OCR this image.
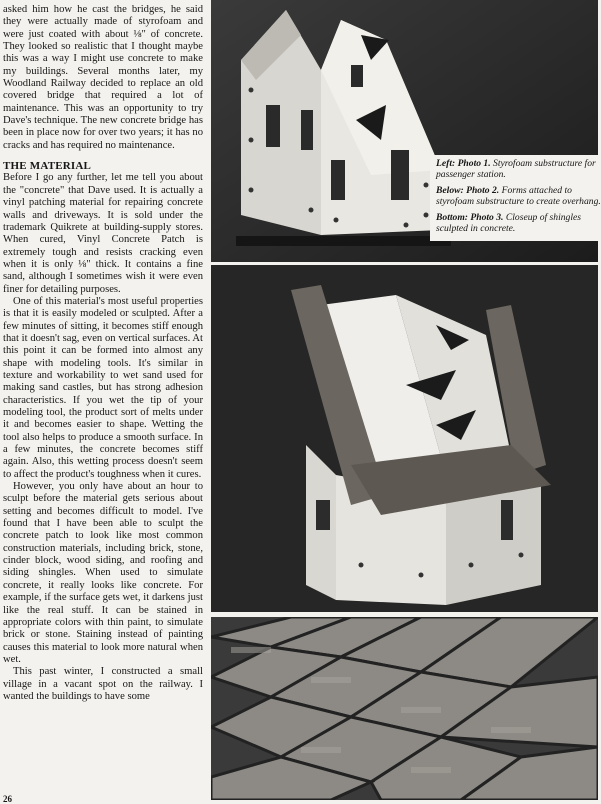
asked him how he cast the bridges, he said they were actually made of styrofoam and were just coated with about ⅛" of concrete. They looked so realistic that I thought maybe this was a way I might use concrete to make my buildings. Several months later, my Woodland Railway decided to replace an old covered bridge that required a lot of maintenance. This was an opportunity to try Dave's technique. The new concrete bridge has been in place now for over two years; it has no cracks and has required no maintenance.

THE MATERIAL

Before I go any further, let me tell you about the "concrete" that Dave used. It is actually a vinyl patching material for repairing concrete walls and driveways. It is sold under the trademark Quikrete at building-supply stores. When cured, Vinyl Concrete Patch is extremely tough and resists cracking even when it is only ⅛" thick. It contains a fine sand, although I sometimes wish it were even finer for detailing purposes.

One of this material's most useful properties is that it is easily modeled or sculpted. After a few minutes of sitting, it becomes stiff enough that it doesn't sag, even on vertical surfaces. At this point it can be formed into almost any shape with modeling tools. It's similar in texture and workability to wet sand used for making sand castles, but has strong adhesion characteristics. If you wet the tip of your modeling tool, the product sort of melts under it and becomes easier to shape. Wetting the tool also helps to produce a smooth surface. In a few minutes, the concrete becomes stiff again. Also, this wetting process doesn't seem to affect the product's toughness when it cures.

However, you only have about an hour to sculpt before the material gets serious about setting and becomes difficult to model. I've found that I have been able to sculpt the concrete patch to look like most common construction materials, including brick, stone, cinder block, wood siding, and roofing and siding shingles. When used to simulate concrete, it really looks like concrete. For example, if the surface gets wet, it darkens just like the real stuff. It can be stained in appropriate colors with thin paint, to simulate brick or stone. Staining instead of painting causes this material to look more natural when wet.

This past winter, I constructed a small village in a vacant spot on the railway. I wanted the buildings to have some

Left: Photo 1. Styrofoam substructure for passenger station.

Below: Photo 2. Forms attached to styrofoam substructure to create overhang.

Bottom: Photo 3. Closeup of shingles sculpted in concrete.

26
